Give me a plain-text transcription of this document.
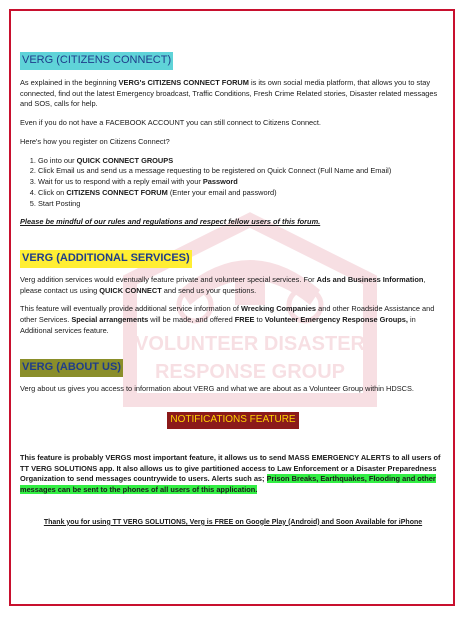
VOLUNTEER DISASTER
RESPONSE GROUP
VERG (CITIZENS CONNECT)

As explained in the beginning VERG's CITIZENS CONNECT FORUM is its own social media platform, that allows you to stay connected, find out the latest Emergency broadcast, Traffic Conditions, Fresh Crime Related stories, Disaster related messages and SOS, calls for help.

Even if you do not have a FACEBOOK ACCOUNT you can still connect to Citizens Connect.

Here's how you register on Citizens Connect?

1. Go into our QUICK CONNECT GROUPS
2. Click Email us and send us a message requesting to be registered on Quick Connect (Full Name and Email)
3. Wait for us to respond with a reply email with your Password
4. Click on CITIZENS CONNECT FORUM (Enter your email and password)
5. Start Posting

Please be mindful of our rules and regulations and respect fellow users of this forum.

VERG (ADDITIONAL SERVICES)

Verg addition services would eventually feature private and volunteer special services. For Ads and Business Information, please contact us using QUICK CONNECT and send us your questions.

This feature will eventually provide additional service information of Wrecking Companies and other Roadside Assistance and other Services. Special arrangements will be made, and offered FREE to Volunteer Emergency Response Groups, in Additional services feature.

VERG (ABOUT US)

Verg about us gives you access to information about VERG and what we are about as a Volunteer Group within HDSCS.

NOTIFICATIONS FEATURE

This feature is probably VERGS most important feature, it allows us to send MASS EMERGENCY ALERTS to all users of TT VERG SOLUTIONS app. It also allows us to give partitioned access to Law Enforcement or a Disaster Preparedness Organization to send messages countrywide to users. Alerts such as; Prison Breaks, Earthquakes, Flooding and other messages can be sent to the phones of all users of this application.

Thank you for using TT VERG SOLUTIONS, Verg is FREE on Google Play (Android) and Soon Available for iPhone
